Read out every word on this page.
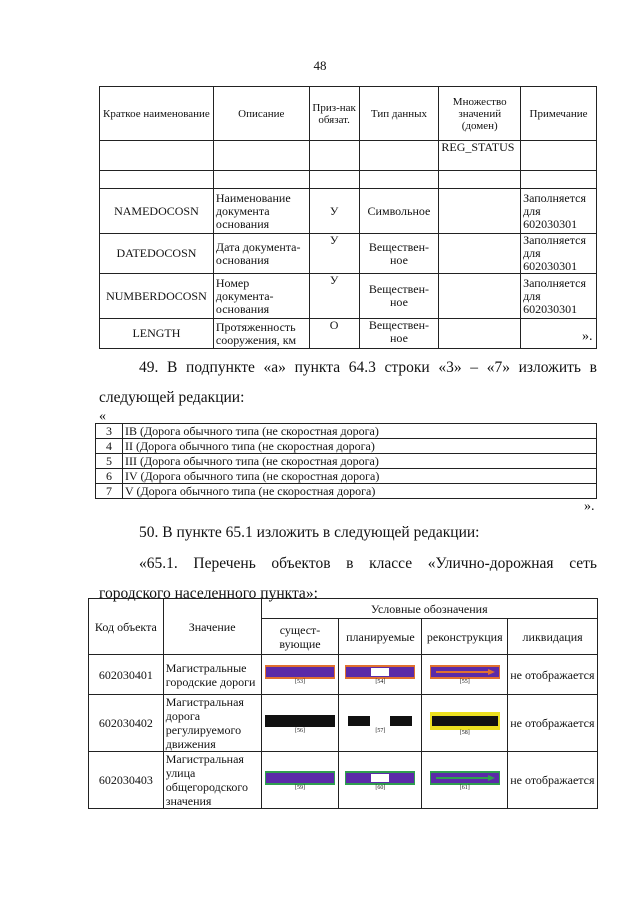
48
Краткое наименование	Описание	Приз-нак обязат.	Тип данных	Множество значений (домен)	Примечание
				REG_STATUS	

NAMEDOCOSN	Наименование документа основания	У	Символьное		Заполняется для 602030301
DATEDOCOSN	Дата документа-основания	У	Веществен-ное		Заполняется для 602030301
NUMBERDOCOSN	Номер документа-основания	У	Веществен-ное		Заполняется для 602030301
LENGTH	Протяженность сооружения, км	О	Веществен-ное			».
49. В подпункте «а» пункта 64.3 строки «3» – «7» изложить в следующей редакции:
«
3	IB (Дорога обычного типа (не скоростная дорога)
4	II (Дорога обычного типа (не скоростная дорога)
5	III (Дорога обычного типа (не скоростная дорога)
6	IV (Дорога обычного типа (не скоростная дорога)
7	V (Дорога обычного типа (не скоростная дорога)
».
50. В пункте 65.1 изложить в следующей редакции:
«65.1. Перечень объектов в классе «Улично-дорожная сеть городского населенного пункта»:
Код объекта	Значение	Условные обозначения			
		сущест-вующие	планируемые	реконструкция	ликвидация
602030401	Магистральные городские дороги	[53]	[54]	[55]	не отображается
602030402	Магистральная дорога регулируемого движения	[56]	[57]	[58]	не отображается
602030403	Магистральная улица общегородского значения	[59]	[60]	[61]	не отображается
